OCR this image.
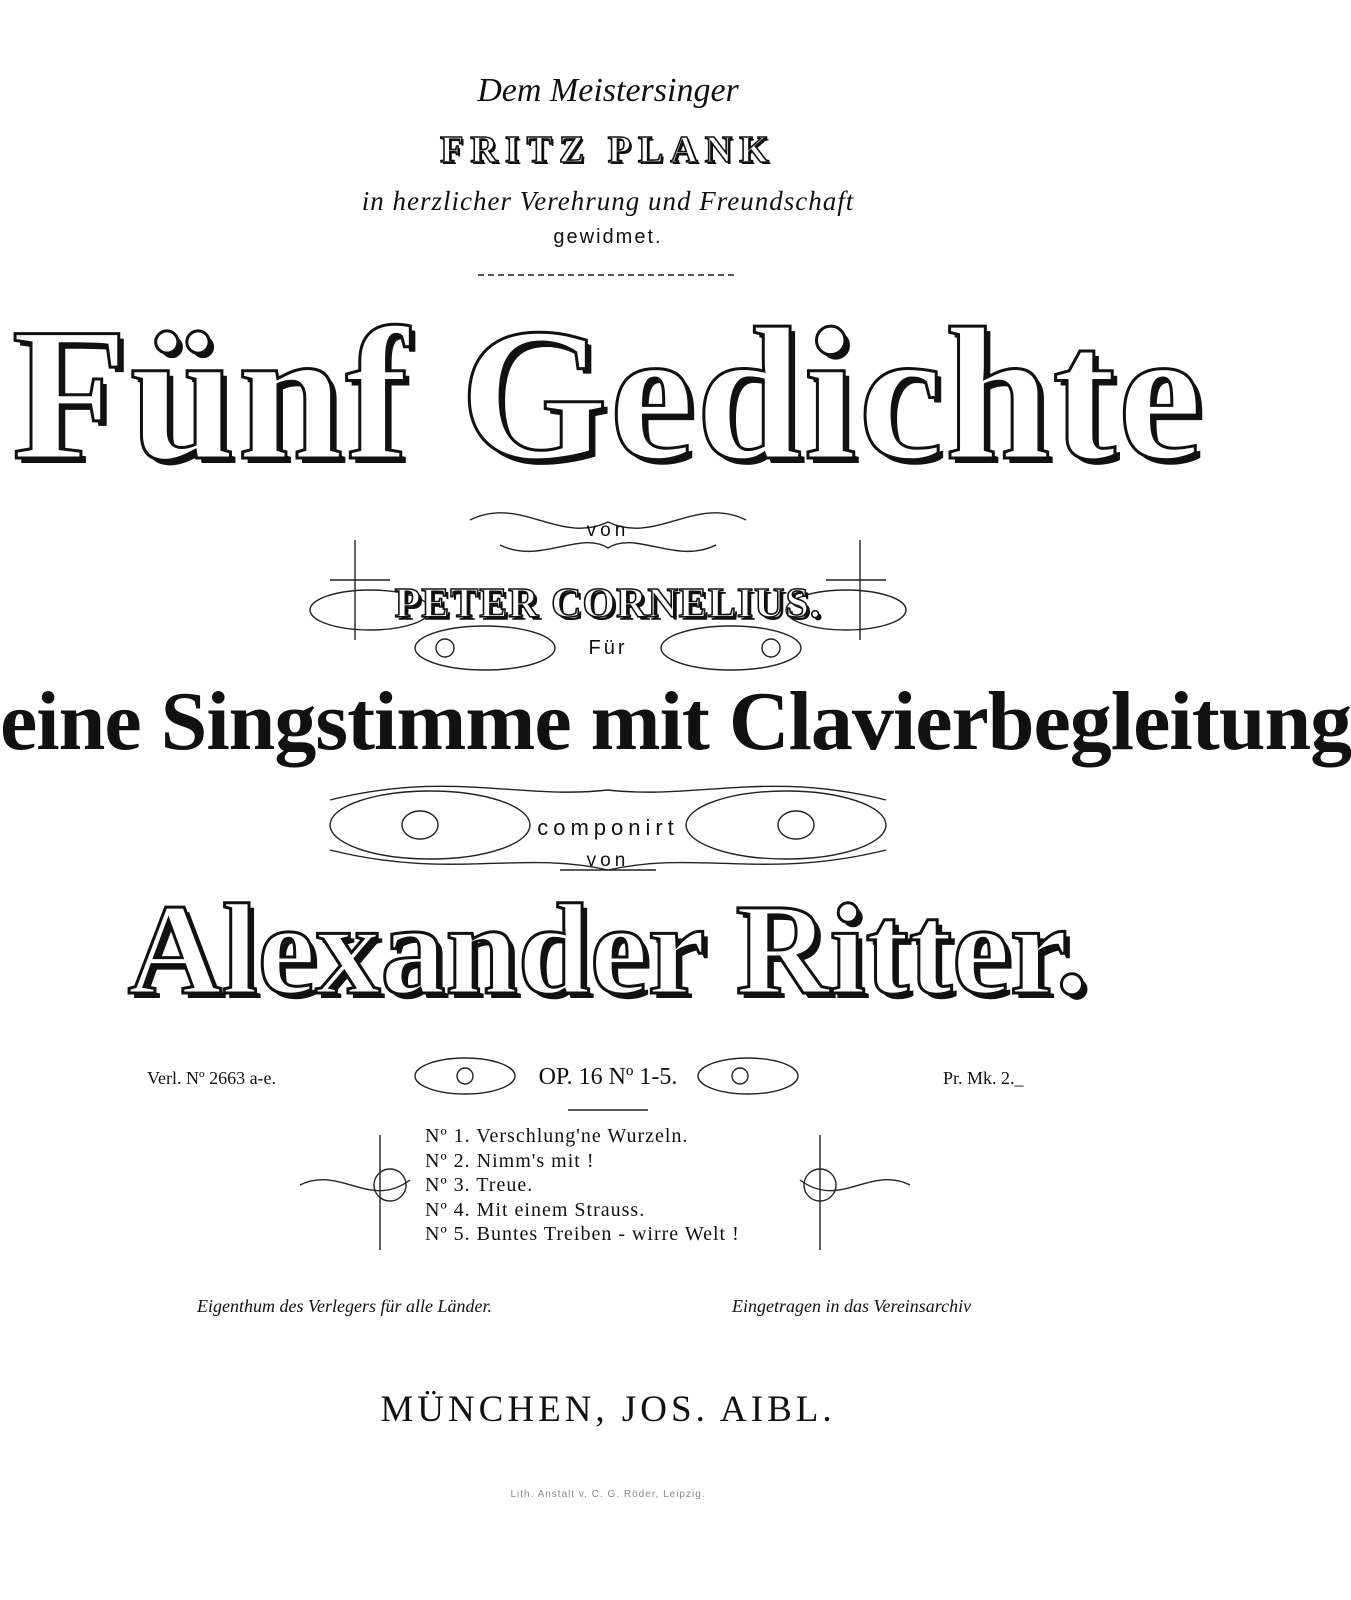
Dem Meistersinger
FRITZ PLANK
in herzlicher Verehrung und Freundschaft
gewidmet.
Fünf Gedichte
von
PETER CORNELIUS.
Für
eine Singstimme mit Clavierbegleitung
componirt
von
Alexander Ritter.
Verl. Nº 2663 a-e.	OP. 16 Nº 1-5.	Pr. Mk. 2._
Nº 1. Verschlung'ne Wurzeln.
Nº 2. Nimm's mit !
Nº 3. Treue.
Nº 4. Mit einem Strauss.
Nº 5. Buntes Treiben - wirre Welt !
Eigenthum des Verlegers für alle Länder.	Eingetragen in das Vereinsarchiv
MÜNCHEN, JOS. AIBL.
Lith. Anstalt v. C. G. Röder, Leipzig.
